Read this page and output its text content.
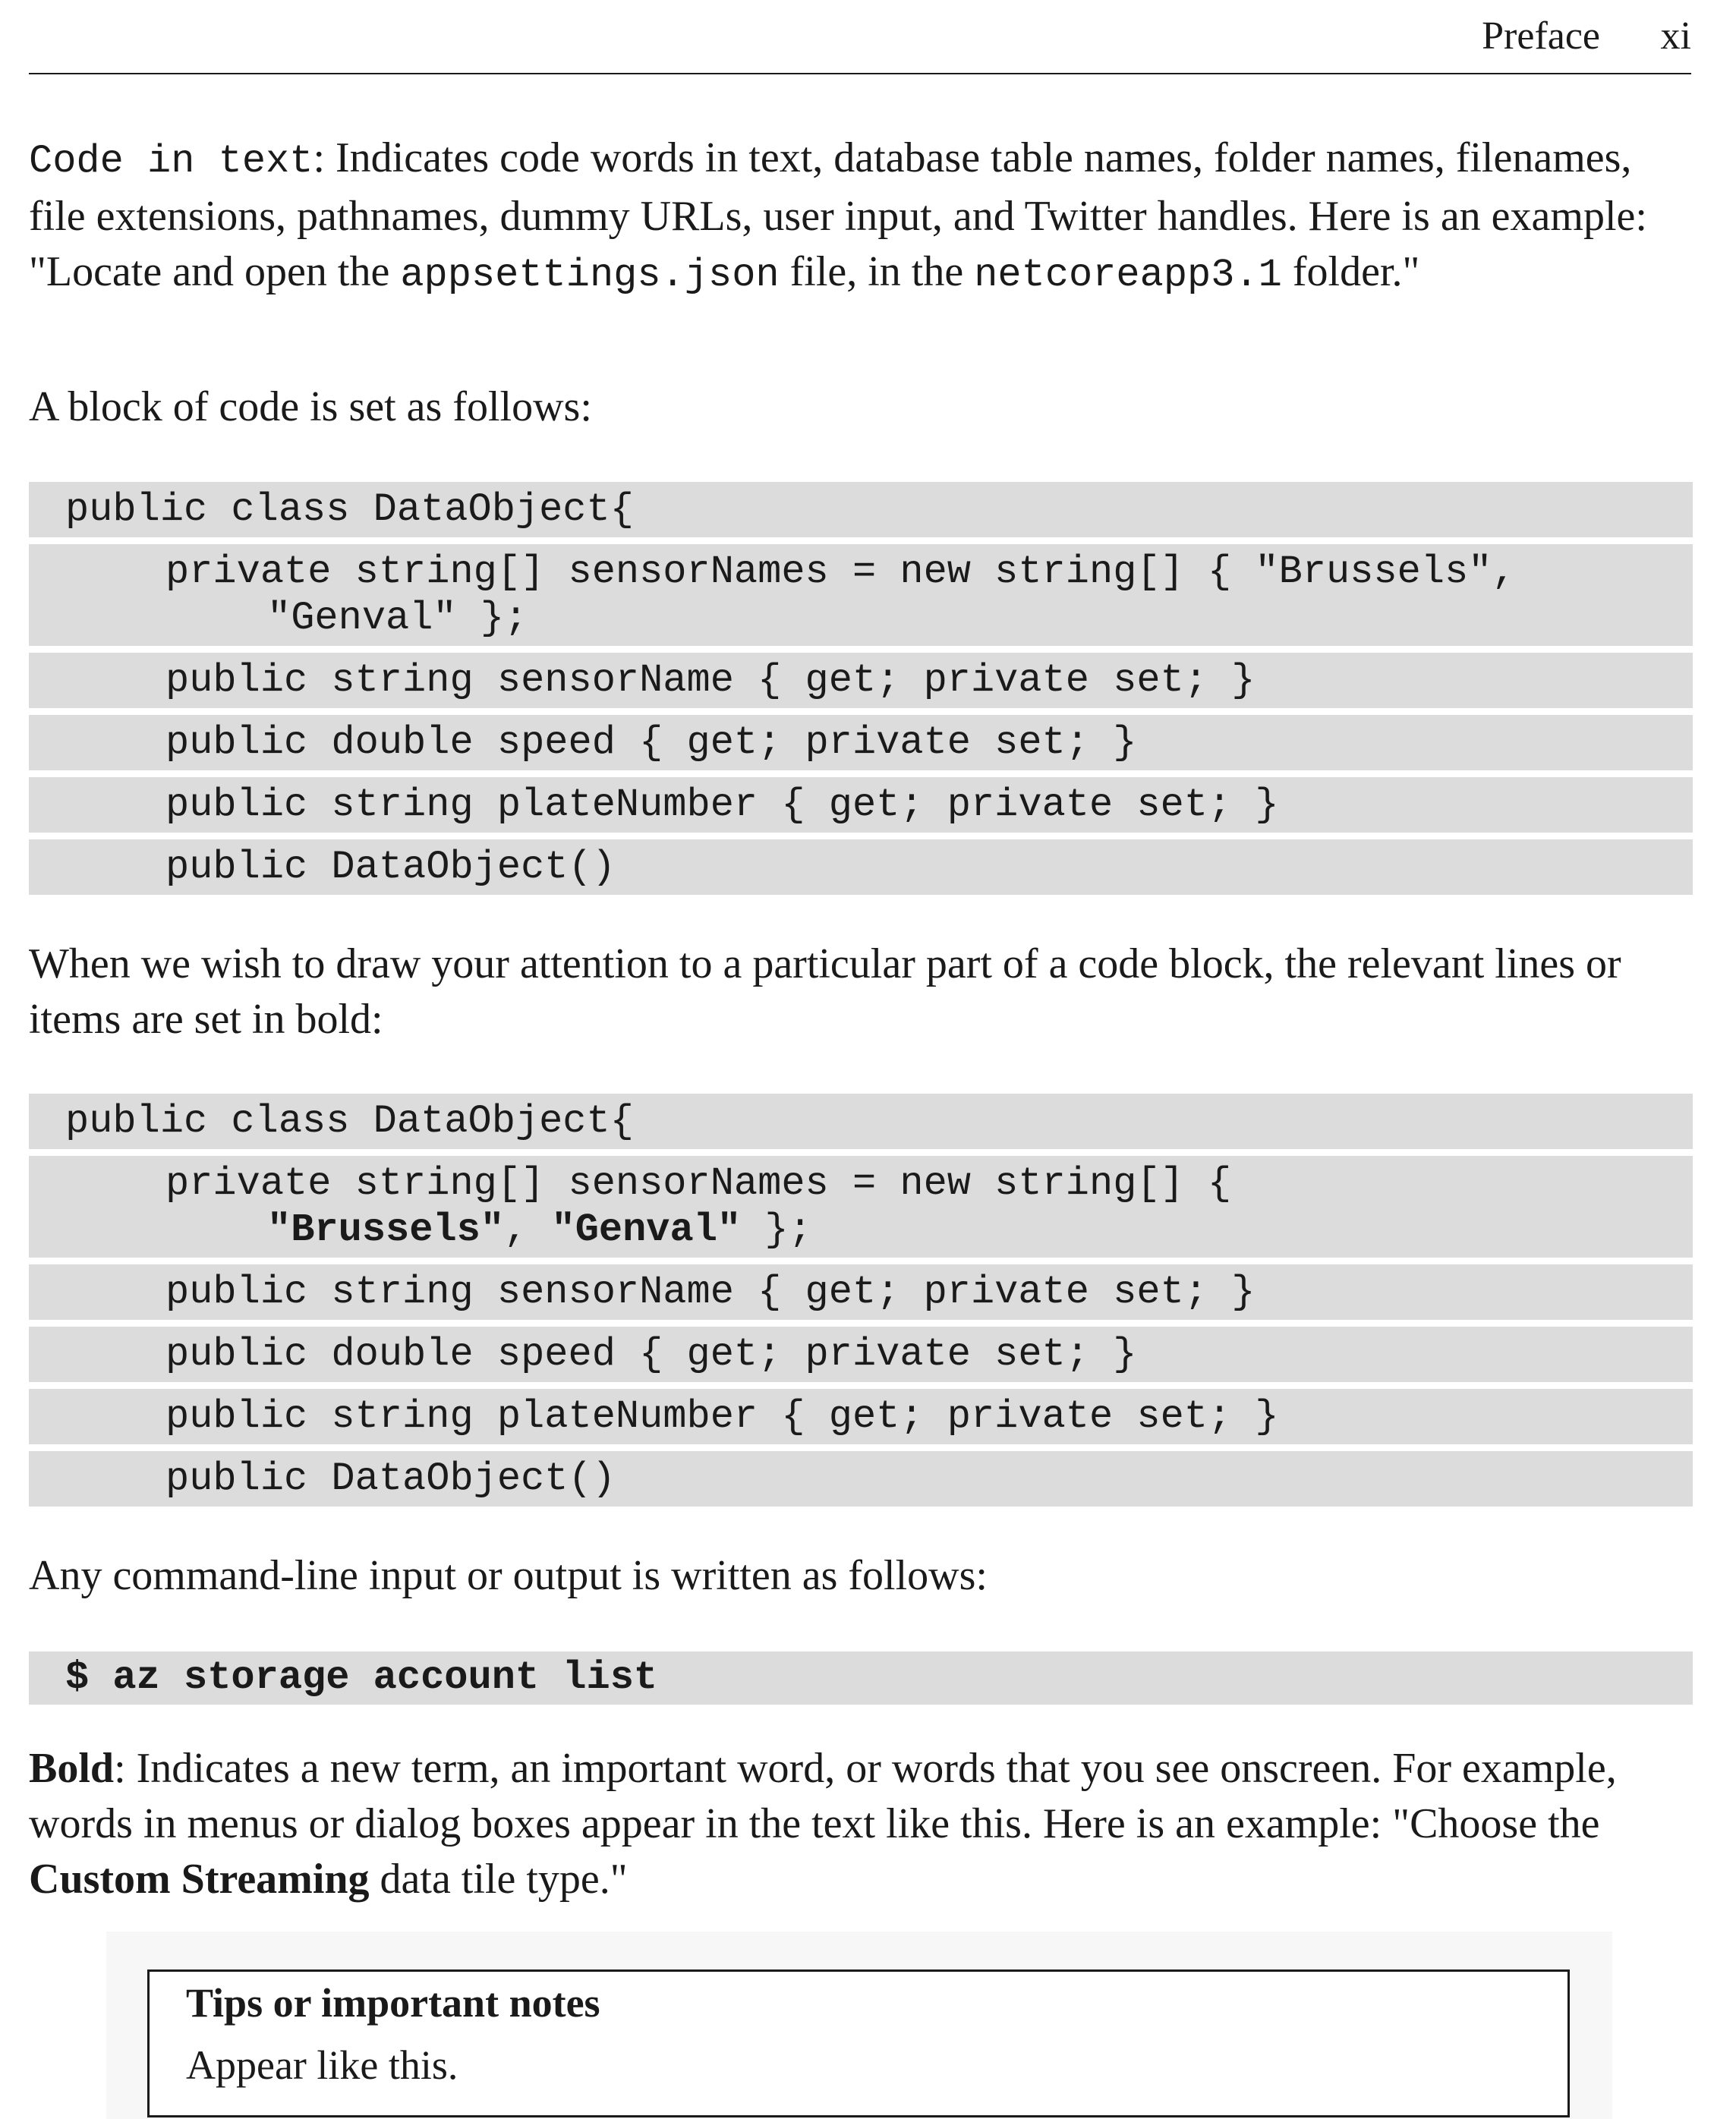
Preface xi

Code in text: Indicates code words in text, database table names, folder names, filenames, file extensions, pathnames, dummy URLs, user input, and Twitter handles. Here is an example: "Locate and open the appsettings.json file, in the netcoreapp3.1 folder."

A block of code is set as follows:

public class DataObject{
private string[] sensorNames = new string[] { "Brussels",
"Genval" };
public string sensorName { get; private set; }
public double speed { get; private set; }
public string plateNumber { get; private set; }
public DataObject()

When we wish to draw your attention to a particular part of a code block, the relevant lines or items are set in bold:

public class DataObject{
private string[] sensorNames = new string[] {
"Brussels", "Genval" };
public string sensorName { get; private set; }
public double speed { get; private set; }
public string plateNumber { get; private set; }
public DataObject()

Any command-line input or output is written as follows:

$ az storage account list

Bold: Indicates a new term, an important word, or words that you see onscreen. For example, words in menus or dialog boxes appear in the text like this. Here is an example: "Choose the Custom Streaming data tile type."

Tips or important notes
Appear like this.
